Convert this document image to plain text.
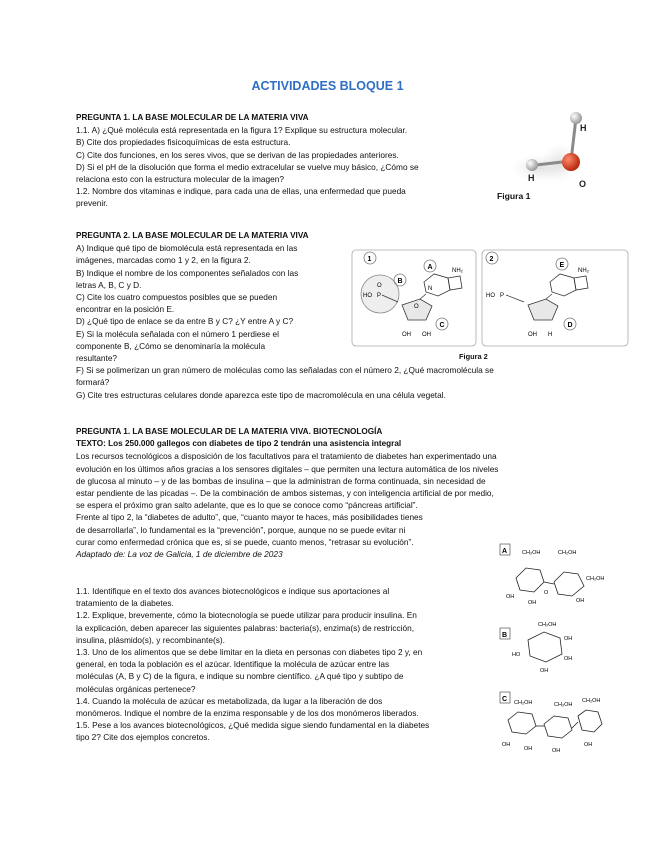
ACTIVIDADES BLOQUE 1
PREGUNTA 1. LA BASE MOLECULAR DE LA MATERIA VIVA
1.1. A) ¿Qué molécula está representada en la figura 1? Explique su estructura molecular.
B) Cite dos propiedades fisicoquímicas de esta estructura.
C) Cite dos funciones, en los seres vivos, que se derivan de las propiedades anteriores.
D) Si el pH de la disolución que forma el medio extracelular se vuelve muy básico, ¿Cómo se
relaciona esto con la estructura molecular de la imagen?
1.2. Nombre dos vitaminas e indique, para cada una de ellas, una enfermedad que pueda
prevenir.
H
H
O
Figura 1
PREGUNTA 2. LA BASE MOLECULAR DE LA MATERIA VIVA
A) Indique qué tipo de biomolécula está representada en las
imágenes, marcadas como 1 y 2, en la figura 2.
B) Indique el nombre de los componentes señalados con las
letras A, B, C y D.
C) Cite los cuatro compuestos posibles que se pueden
encontrar en la posición E.
D) ¿Qué tipo de enlace se da entre B y C? ¿Y entre A y C?
E) Si la molécula señalada con el número 1 perdiese el
componente B, ¿Cómo se denominaría la molécula
resultante?
F) Si se polimerizan un gran número de moléculas como las señaladas con el número 2, ¿Qué macromolécula se
formará?
G) Cite tres estructuras celulares donde aparezca este tipo de macromolécula en una célula vegetal.
1
HO P
O
O
NH₂
N
OH OH
A
B
C
2
HO P
NH₂
OH H
D
E
Figura 2
PREGUNTA 1. LA BASE MOLECULAR DE LA MATERIA VIVA. BIOTECNOLOGÍA
TEXTO: Los 250.000 gallegos con diabetes de tipo 2 tendrán una asistencia integral
Los recursos tecnológicos a disposición de los facultativos para el tratamiento de diabetes han experimentado una
evolución en los últimos años gracias a los sensores digitales – que permiten una lectura automática de los niveles
de glucosa al minuto – y de las bombas de insulina – que la administran de forma continuada, sin necesidad de
estar pendiente de las picadas –. De la combinación de ambos sistemas, y con inteligencia artificial de por medio,
se espera el próximo gran salto adelante, que es lo que se conoce como “páncreas artificial”.
Frente al tipo 2, la “diabetes de adulto”, que, “cuanto mayor te haces, más posibilidades tienes
de desarrollarla”, lo fundamental es la “prevención”, porque, aunque no se puede evitar ni
curar como enfermedad crónica que es, si se puede, cuanto menos, “retrasar su evolución”.
Adaptado de: La voz de Galicia, 1 de diciembre de 2023
1.1. Identifique en el texto dos avances biotecnológicos e indique sus aportaciones al
tratamiento de la diabetes.
1.2. Explique, brevemente, cómo la biotecnología se puede utilizar para producir insulina. En
la explicación, deben aparecer las siguientes palabras: bacteria(s), enzima(s) de restricción,
insulina, plásmido(s), y recombinante(s).
1.3. Uno de los alimentos que se debe limitar en la dieta en personas con diabetes tipo 2 y, en
general, en toda la población es el azúcar. Identifique la molécula de azúcar entre las
moléculas (A, B y C) de la figura, e indique su nombre científico. ¿A qué tipo y subtipo de
moléculas orgánicas pertenece?
1.4. Cuando la molécula de azúcar es metabolizada, da lugar a la liberación de dos
monómeros. Indique el nombre de la enzima responsable y de los dos monómeros liberados.
1.5. Pese a los avances biotecnológicos, ¿Qué medida sigue siendo fundamental en la diabetes
tipo 2? Cite dos ejemplos concretos.
A	CH₂OH	CH₂OH
OH
OH
O
OH
CH₂OH
B
CH₂OH
OH
HO
OH
OH
C CH₂OH	CH₂OH
CH₂OH
OH
OH	OH
OH
